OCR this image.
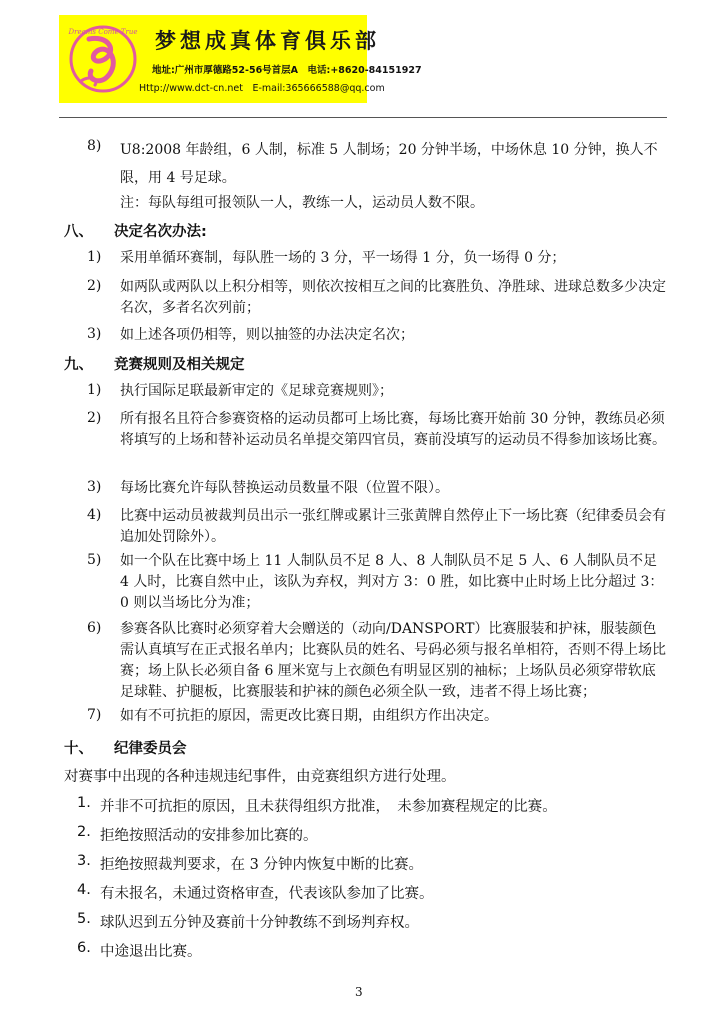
Dreams Come True 梦想成真体育俱乐部
地址:广州市厚德路52-56号首层A　电话:+8620-84151927
Http://www.dct-cn.net　E-mail:365666588@qq.com
8) U8:2008 年龄组，6 人制，标准 5 人制场；20 分钟半场，中场休息 10 分钟，换人不限，用 4 号足球。
注：每队每组可报领队一人，教练一人，运动员人数不限。
八、 决定名次办法:
1) 采用单循环赛制，每队胜一场的 3 分，平一场得 1 分，负一场得 0 分；
2) 如两队或两队以上积分相等，则依次按相互之间的比赛胜负、净胜球、进球总数多少决定名次，多者名次列前；
3) 如上述各项仍相等，则以抽签的办法决定名次；
九、 竞赛规则及相关规定
1) 执行国际足联最新审定的《足球竞赛规则》；
2) 所有报名且符合参赛资格的运动员都可上场比赛，每场比赛开始前 30 分钟，教练员必须将填写的上场和替补运动员名单提交第四官员，赛前没填写的运动员不得参加该场比赛。
3) 每场比赛允许每队替换运动员数量不限（位置不限）。
4) 比赛中运动员被裁判员出示一张红牌或累计三张黄牌自然停止下一场比赛（纪律委员会有追加处罚除外）。
5) 如一个队在比赛中场上 11 人制队员不足 8 人、8 人制队员不足 5 人、6 人制队员不足 4 人时，比赛自然中止，该队为弃权，判对方 3：0 胜，如比赛中止时场上比分超过 3：0 则以当场比分为准；
6) 参赛各队比赛时必须穿着大会赠送的（动向/DANSPORT）比赛服装和护袜，服装颜色需认真填写在正式报名单内；比赛队员的姓名、号码必须与报名单相符，否则不得上场比赛；场上队长必须自备 6 厘米宽与上衣颜色有明显区别的袖标；上场队员必须穿带软底足球鞋、护腿板，比赛服装和护袜的颜色必须全队一致，违者不得上场比赛；
7) 如有不可抗拒的原因，需更改比赛日期，由组织方作出决定。
十、 纪律委员会
对赛事中出现的各种违规违纪事件，由竞赛组织方进行处理。
1. 并非不可抗拒的原因，且未获得组织方批准，　未参加赛程规定的比赛。
2. 拒绝按照活动的安排参加比赛的。
3. 拒绝按照裁判要求，在 3 分钟内恢复中断的比赛。
4. 有未报名，未通过资格审查，代表该队参加了比赛。
5. 球队迟到五分钟及赛前十分钟教练不到场判弃权。
6. 中途退出比赛。
3
